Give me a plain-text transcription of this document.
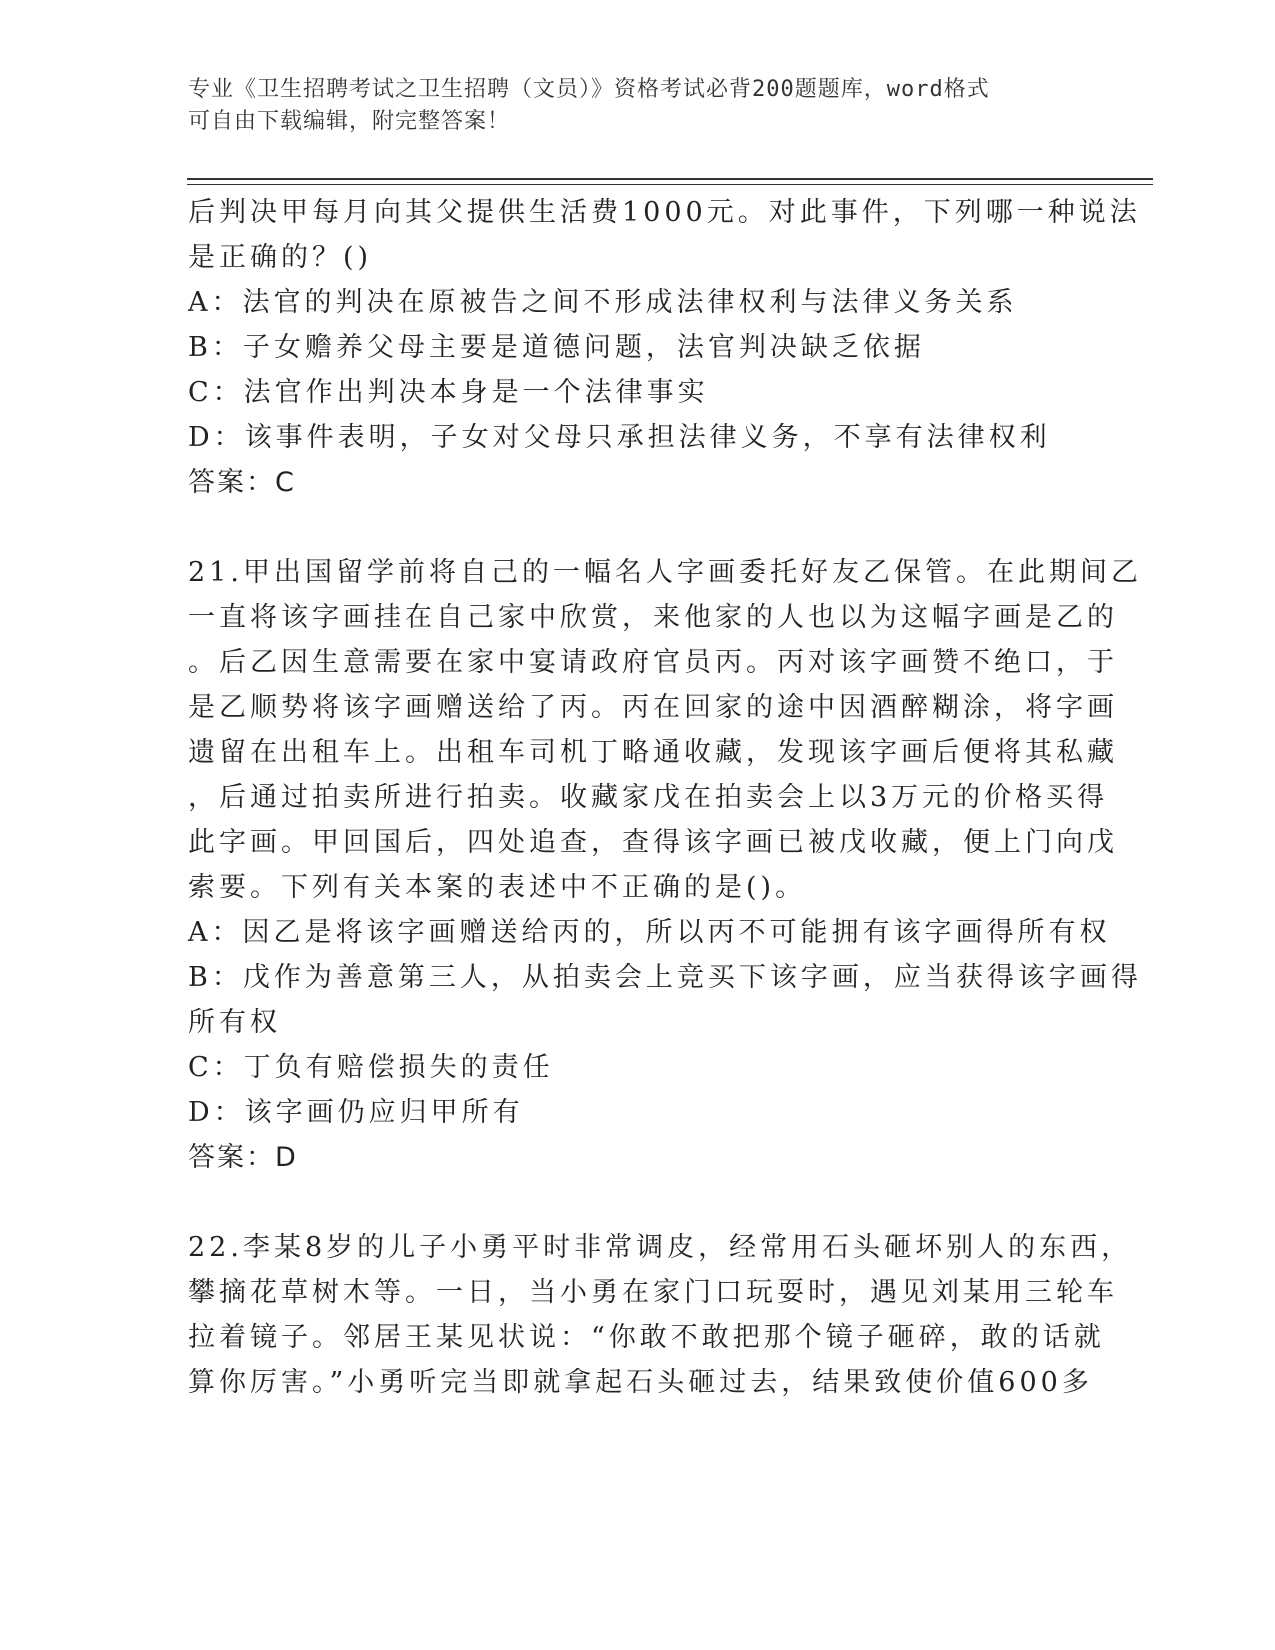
专业《卫生招聘考试之卫生招聘（文员）》资格考试必背200题题库，word格式
可自由下载编辑，附完整答案！
后判决甲每月向其父提供生活费1000元。对此事件，下列哪一种说法
是正确的？()
A：法官的判决在原被告之间不形成法律权利与法律义务关系
B：子女赡养父母主要是道德问题，法官判决缺乏依据
C：法官作出判决本身是一个法律事实
D：该事件表明，子女对父母只承担法律义务，不享有法律权利
答案：C
21.甲出国留学前将自己的一幅名人字画委托好友乙保管。在此期间乙
一直将该字画挂在自己家中欣赏，来他家的人也以为这幅字画是乙的
。后乙因生意需要在家中宴请政府官员丙。丙对该字画赞不绝口，于
是乙顺势将该字画赠送给了丙。丙在回家的途中因酒醉糊涂，将字画
遗留在出租车上。出租车司机丁略通收藏，发现该字画后便将其私藏
，后通过拍卖所进行拍卖。收藏家戊在拍卖会上以3万元的价格买得
此字画。甲回国后，四处追查，查得该字画已被戊收藏，便上门向戊
索要。下列有关本案的表述中不正确的是()。
A：因乙是将该字画赠送给丙的，所以丙不可能拥有该字画得所有权
B：戊作为善意第三人，从拍卖会上竞买下该字画，应当获得该字画得
所有权
C：丁负有赔偿损失的责任
D：该字画仍应归甲所有
答案：D
22.李某8岁的儿子小勇平时非常调皮，经常用石头砸坏别人的东西，
攀摘花草树木等。一日，当小勇在家门口玩耍时，遇见刘某用三轮车
拉着镜子。邻居王某见状说：“你敢不敢把那个镜子砸碎，敢的话就
算你厉害。”小勇听完当即就拿起石头砸过去，结果致使价值600多
